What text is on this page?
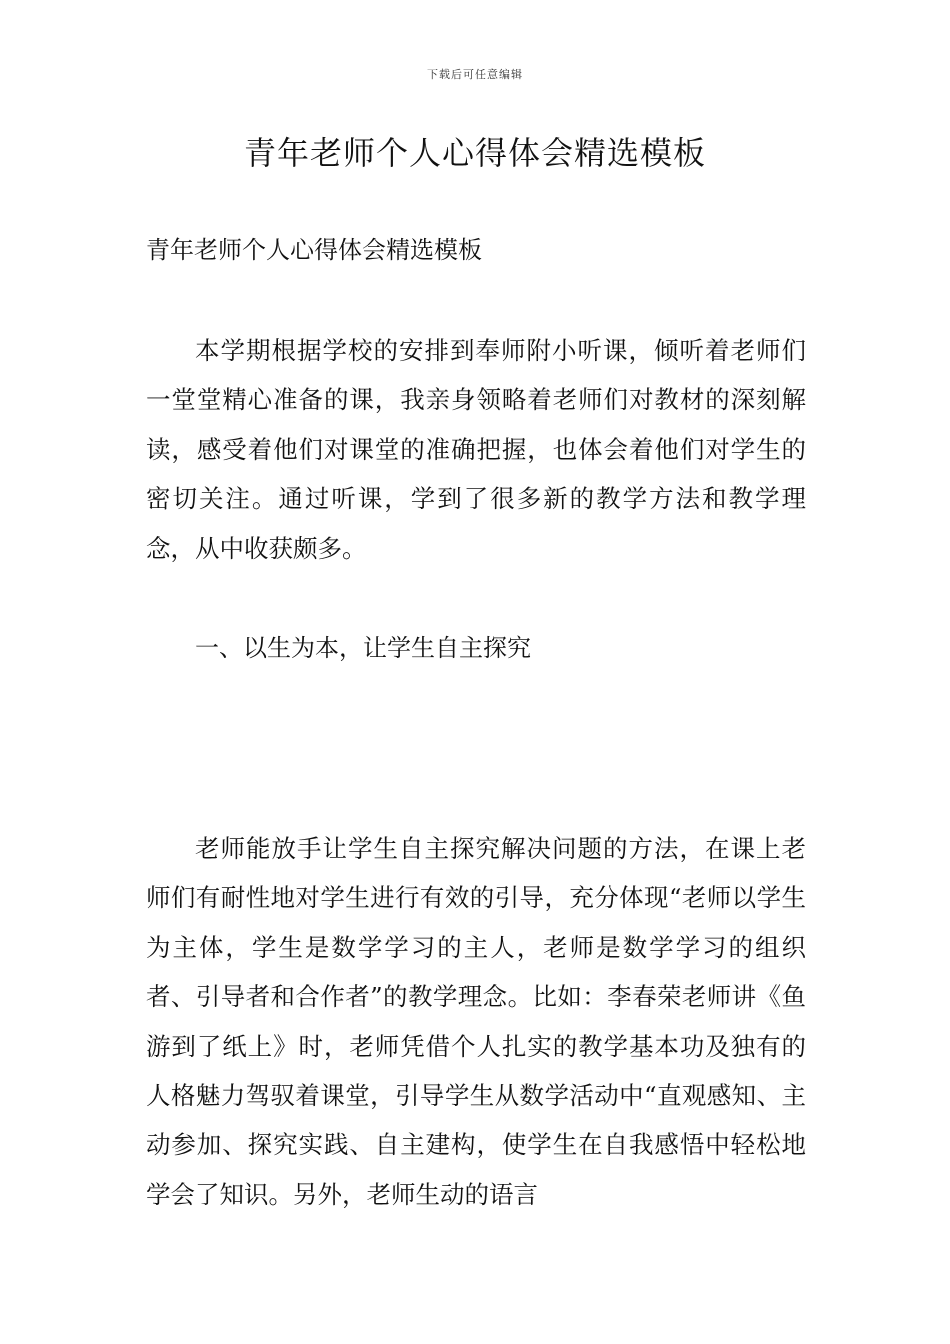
下载后可任意编辑
青年老师个人心得体会精选模板
青年老师个人心得体会精选模板

本学期根据学校的安排到奉师附小听课，倾听着老师们一堂堂精心准备的课，我亲身领略着老师们对教材的深刻解读，感受着他们对课堂的准确把握，也体会着他们对学生的密切关注。通过听课，学到了很多新的教学方法和教学理念，从中收获颇多。

一、以生为本，让学生自主探究

老师能放手让学生自主探究解决问题的方法，在课上老师们有耐性地对学生进行有效的引导，充分体现“老师以学生为主体，学生是数学学习的主人，老师是数学学习的组织者、引导者和合作者”的教学理念。比如：李春荣老师讲《鱼游到了纸上》时，老师凭借个人扎实的教学基本功及独有的人格魅力驾驭着课堂，引导学生从数学活动中“直观感知、主动参加、探究实践、自主建构，使学生在自我感悟中轻松地学会了知识。另外，老师生动的语言
